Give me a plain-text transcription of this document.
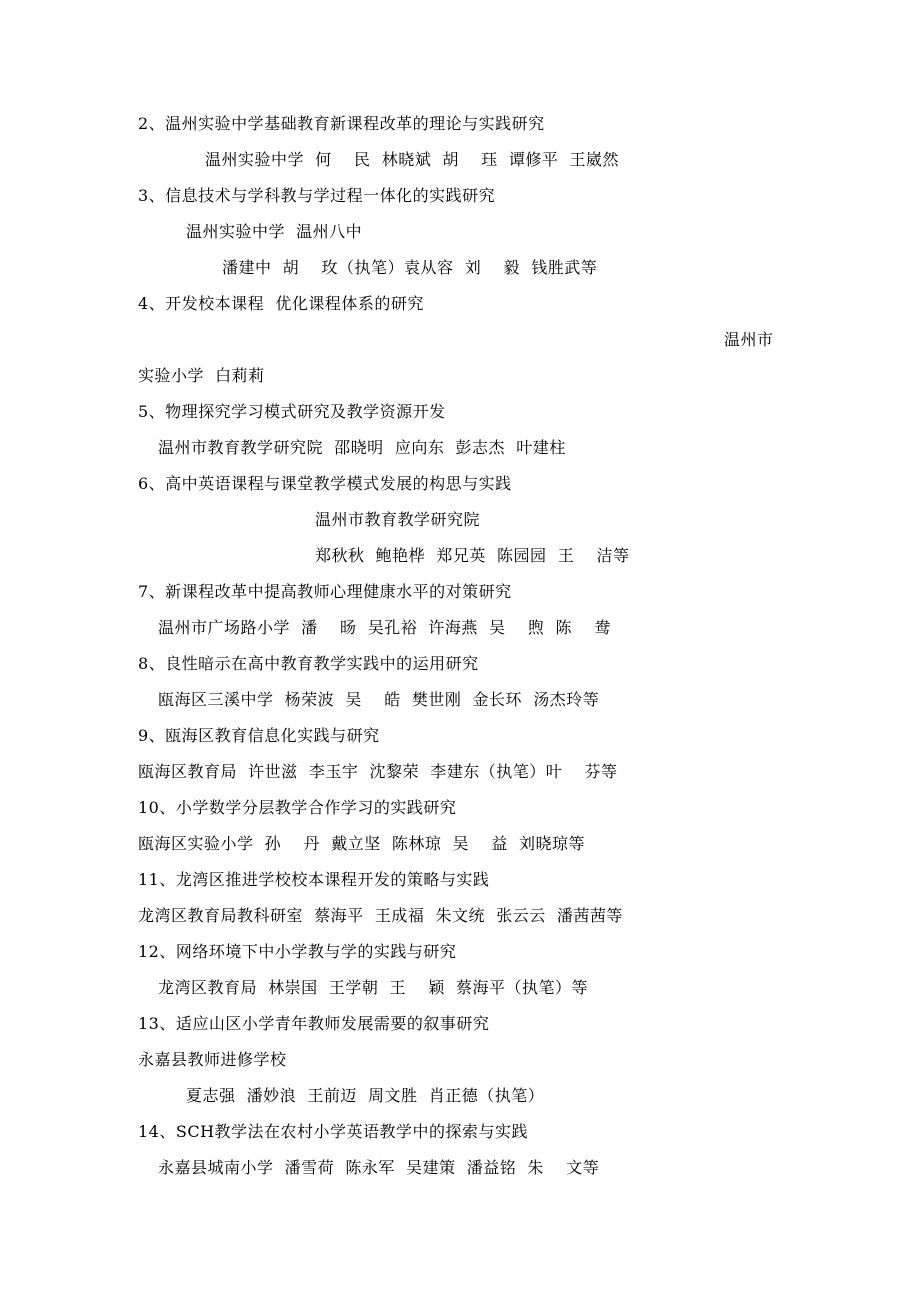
2、温州实验中学基础教育新课程改革的理论与实践研究
温州实验中学  何    民  林晓斌  胡    珏  谭修平  王崴然
3、信息技术与学科教与学过程一体化的实践研究
温州实验中学  温州八中
潘建中  胡    玫（执笔）袁从容  刘    毅  钱胜武等
4、开发校本课程  优化课程体系的研究
温州市
实验小学  白莉莉
5、物理探究学习模式研究及教学资源开发
温州市教育教学研究院  邵晓明  应向东  彭志杰  叶建柱
6、高中英语课程与课堂教学模式发展的构思与实践
温州市教育教学研究院
郑秋秋  鲍艳桦  郑兄英  陈园园  王    洁等
7、新课程改革中提高教师心理健康水平的对策研究
温州市广场路小学  潘    旸  吴孔裕  许海燕  吴    煦  陈    鸯
8、良性暗示在高中教育教学实践中的运用研究
瓯海区三溪中学  杨荣波  吴    皓  樊世刚  金长环  汤杰玲等
9、瓯海区教育信息化实践与研究
瓯海区教育局  许世滋  李玉宇  沈黎荣  李建东（执笔）叶    芬等
10、小学数学分层教学合作学习的实践研究
瓯海区实验小学  孙    丹  戴立坚  陈林琼  吴    益  刘晓琼等
11、龙湾区推进学校校本课程开发的策略与实践
龙湾区教育局教科研室  蔡海平  王成福  朱文统  张云云  潘茜茜等
12、网络环境下中小学教与学的实践与研究
龙湾区教育局  林崇国  王学朝  王    颖  蔡海平（执笔）等
13、适应山区小学青年教师发展需要的叙事研究
永嘉县教师进修学校
夏志强  潘妙浪  王前迈  周文胜  肖正德（执笔）
14、SCH教学法在农村小学英语教学中的探索与实践
永嘉县城南小学  潘雪荷  陈永军  吴建策  潘益铭  朱    文等
